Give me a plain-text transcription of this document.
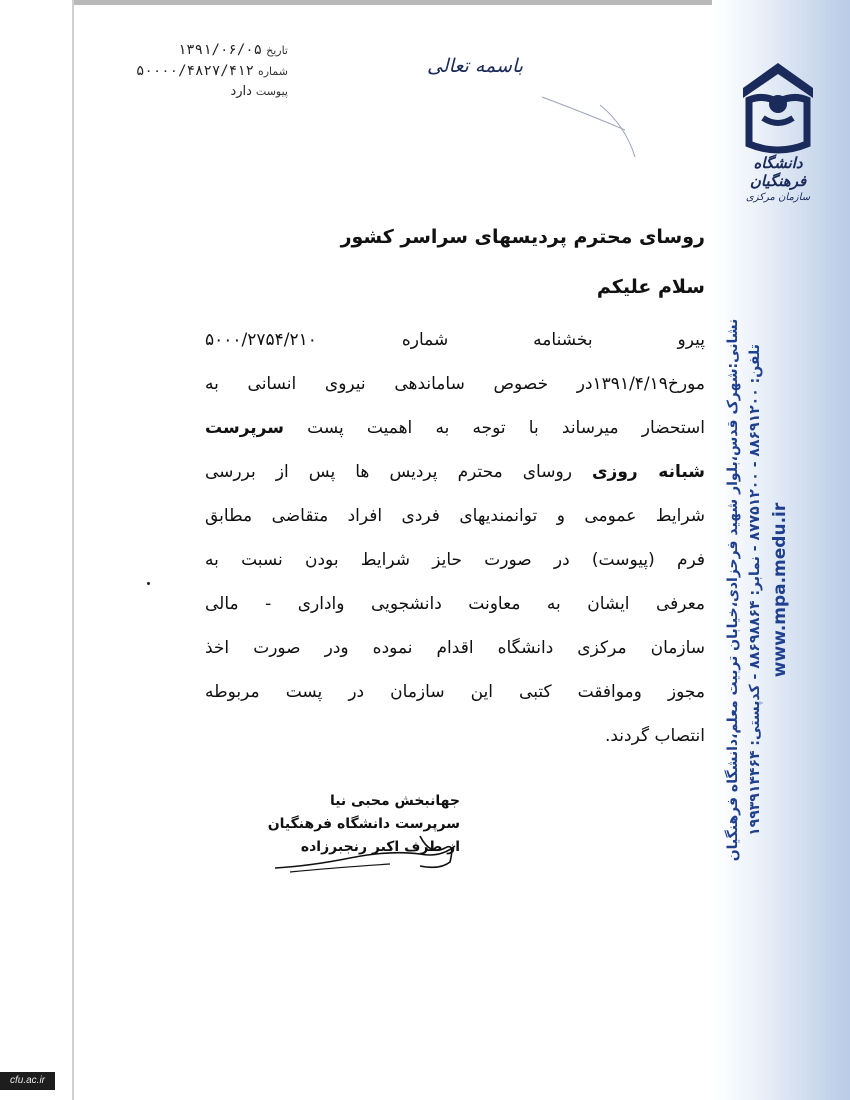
دانشگاه فرهنگیان
سازمان مرکزی
نشانی:شهرک قدس،بلوار شهید فرحزادی،خیابان تربیت معلم،دانشگاه فرهنگیان تلفن: ۸۸۶۹۱۲۰۰ - ۸۷۷۵۱۲۰۰ - نمابر: ۸۸۶۹۸۸۶۴ - کدپستی: ۱۹۹۳۹۱۴۴۶۴
www.mpa.medu.ir
تاریخ
۱۳۹۱/۰۶/۰۵
شماره
۵۰۰۰۰/۴۸۲۷/۴۱۲
پیوست
دارد
باسمه تعالی
روسای محترم پردیسهای سراسر کشور
سلام علیکم
پیرو بخشنامه شماره ۵۰۰۰/۲۷۵۴/۲۱۰
مورخ۱۳۹۱/۴/۱۹در خصوص ساماندهی نیروی انسانی به
استحضار میرساند با توجه به اهمیت پست سرپرست
شبانه روزی روسای محترم پردیس ها پس از بررسی
شرایط عمومی و توانمندیهای فردی افراد متقاضی مطابق
فرم (پیوست) در صورت حایز شرایط بودن نسبت به
معرفی ایشان به معاونت دانشجویی واداری - مالی
سازمان مرکزی دانشگاه اقدام نموده ودر صورت اخذ
مجوز وموافقت کتبی این سازمان در پست مربوطه
انتصاب گردند.
جهانبخش محبی نیا
سرپرست دانشگاه فرهنگیان
از طرف اکبر رنجبرزاده
cfu.ac.ir
